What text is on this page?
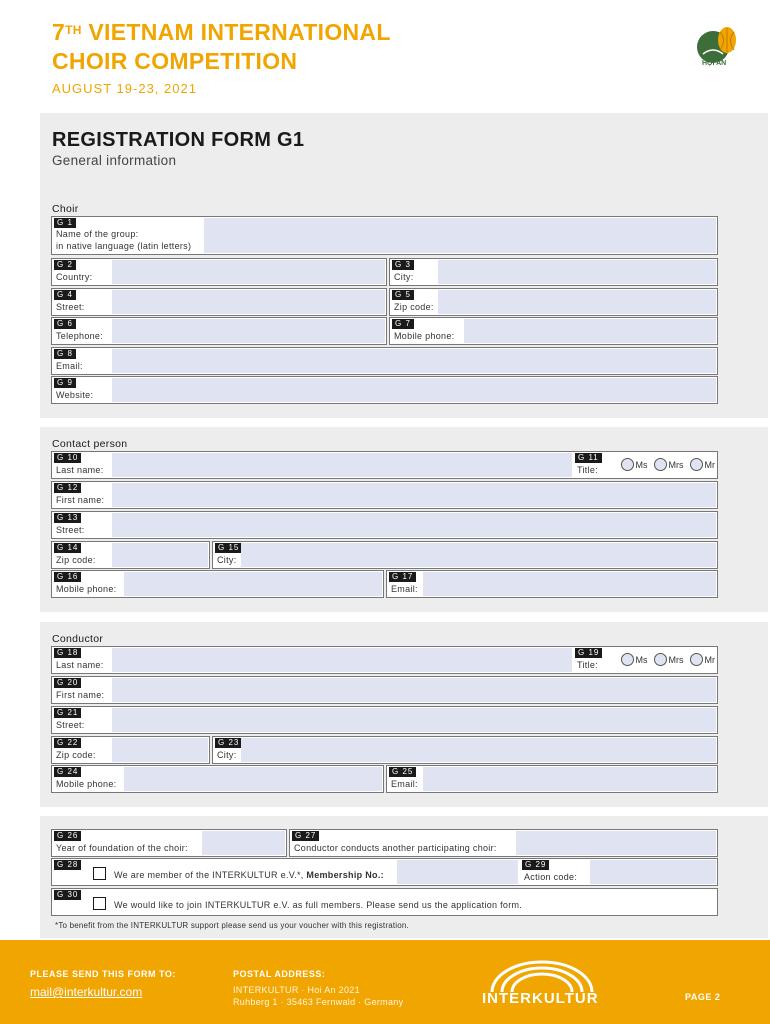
7TH VIETNAM INTERNATIONAL
CHOIR COMPETITION
AUGUST 19-23, 2021
HỘI AN
REGISTRATION FORM G1
General information
Choir
G 1
Name of the group:
in native language (latin letters)
G 2
Country:
G 3
City:
G 4
Street:
G 5
Zip code:
G 6
Telephone:
G 7
Mobile phone:
G 8
Email:
G 9
Website:
Contact person
G 10
Last name:
G 11
Title:
Ms Mrs Mr
G 12
First name:
G 13
Street:
G 14
Zip code:
G 15
City:
G 16
Mobile phone:
G 17
Email:
Conductor
G 18
Last name:
G 19
Title:
Ms Mrs Mr
G 20
First name:
G 21
Street:
G 22
Zip code:
G 23
City:
G 24
Mobile phone:
G 25
Email:
G 26
Year of foundation of the choir:
G 27
Conductor conducts another participating choir:
G 28
We are member of the INTERKULTUR e.V.*, Membership No.:
G 29
Action code:
G 30
We would like to join INTERKULTUR e.V. as full members. Please send us the application form.
*To benefit from the INTERKULTUR support please send us your voucher with this registration.
PLEASE SEND THIS FORM TO:
mail@interkultur.com
POSTAL ADDRESS:
INTERKULTUR · Hoi An 2021
Ruhberg 1 · 35463 Fernwald · Germany	INTERKULTUR	PAGE 2
